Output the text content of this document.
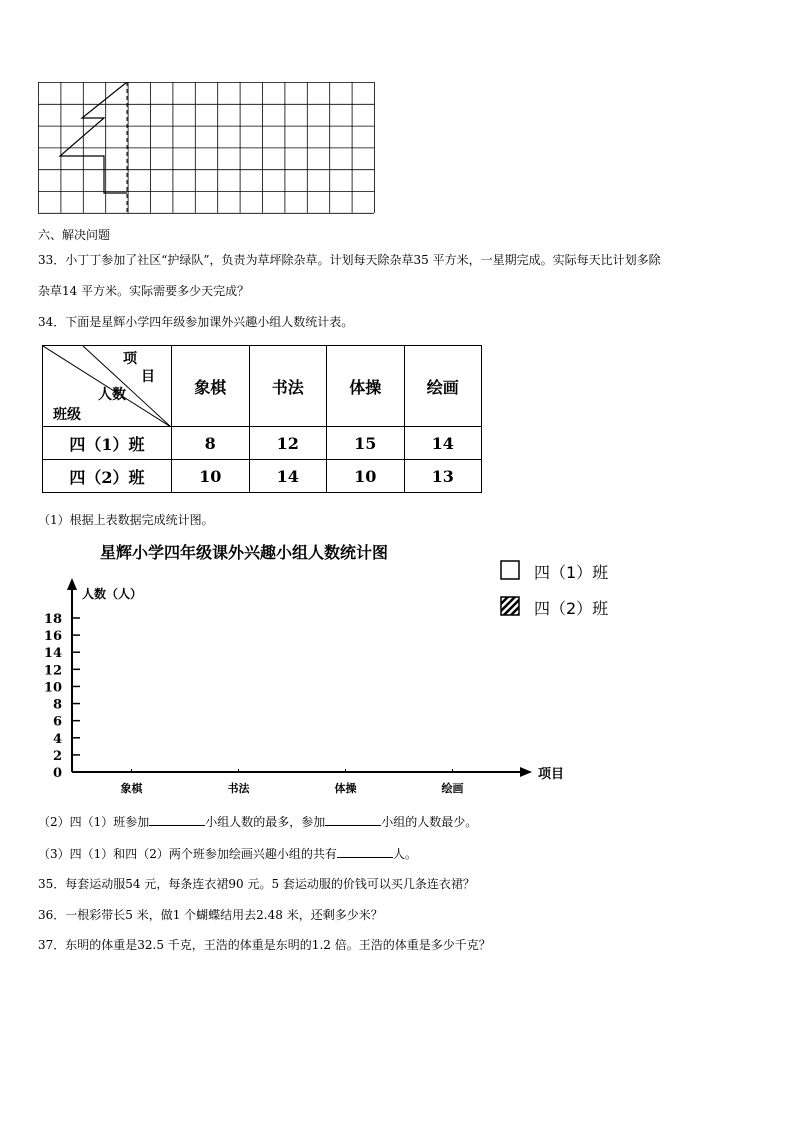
六、解决问题
33．小丁丁参加了社区“护绿队”，负责为草坪除杂草。计划每天除杂草35 平方米，一星期完成。实际每天比计划多除
杂草14 平方米。实际需要多少天完成？
34．下面是星辉小学四年级参加课外兴趣小组人数统计表。
项
目
人数
班级	象棋	书法	体操	绘画
四（1）班	8	12	15	14
四（2）班	10	14	10	13
（1）根据上表数据完成统计图。
星辉小学四年级课外兴趣小组人数统计图
四（1）班
四（2）班
人数（人）
项目
0
2
4
6
8
10
12
14
16
18
象棋	书法	体操	绘画
（2）四（1）班参加	小组人数的最多，参加	小组的人数最少。
（3）四（1）和四（2）两个班参加绘画兴趣小组的共有	人。
35．每套运动服54 元，每条连衣裙90 元。5 套运动服的价钱可以买几条连衣裙？
36．一根彩带长5 米，做1 个蝴蝶结用去2.48 米，还剩多少米？
37．东明的体重是32.5 千克，王浩的体重是东明的1.2 倍。王浩的体重是多少千克？
